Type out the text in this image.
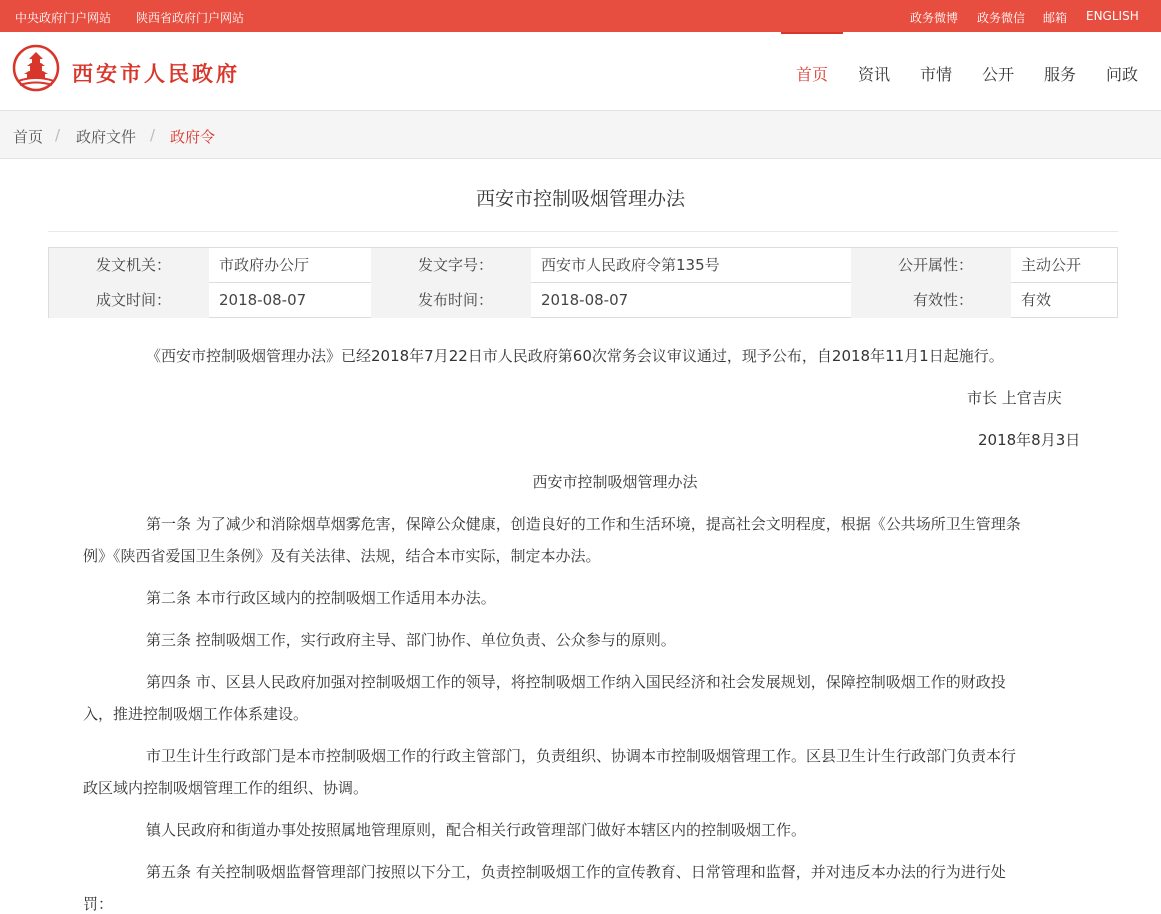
中央政府门户网站 陕西省政府门户网站	政务微博 政务微信 邮箱 ENGLISH
西安市人民政府	首页	资讯	市情	公开	服务	问政
首页 / 政府文件 / 政府令
西安市控制吸烟管理办法
发文机关：	市政府办公厅	发文字号：	西安市人民政府令第135号	公开属性：	主动公开
成文时间：	2018-08-07	发布时间：	2018-08-07	有效性：	有效

《西安市控制吸烟管理办法》已经2018年7月22日市人民政府第60次常务会议审议通过，现予公布，自2018年11月1日起施行。

市长 上官吉庆

2018年8月3日

西安市控制吸烟管理办法

第一条 为了减少和消除烟草烟雾危害，保障公众健康，创造良好的工作和生活环境，提高社会文明程度，根据《公共场所卫生管理条

例》《陕西省爱国卫生条例》及有关法律、法规，结合本市实际，制定本办法。

第二条 本市行政区域内的控制吸烟工作适用本办法。

第三条 控制吸烟工作，实行政府主导、部门协作、单位负责、公众参与的原则。

第四条 市、区县人民政府加强对控制吸烟工作的领导，将控制吸烟工作纳入国民经济和社会发展规划，保障控制吸烟工作的财政投

入，推进控制吸烟工作体系建设。

市卫生计生行政部门是本市控制吸烟工作的行政主管部门，负责组织、协调本市控制吸烟管理工作。区县卫生计生行政部门负责本行

政区域内控制吸烟管理工作的组织、协调。

镇人民政府和街道办事处按照属地管理原则，配合相关行政管理部门做好本辖区内的控制吸烟工作。

第五条 有关控制吸烟监督管理部门按照以下分工，负责控制吸烟工作的宣传教育、日常管理和监督，并对违反本办法的行为进行处

罚：
